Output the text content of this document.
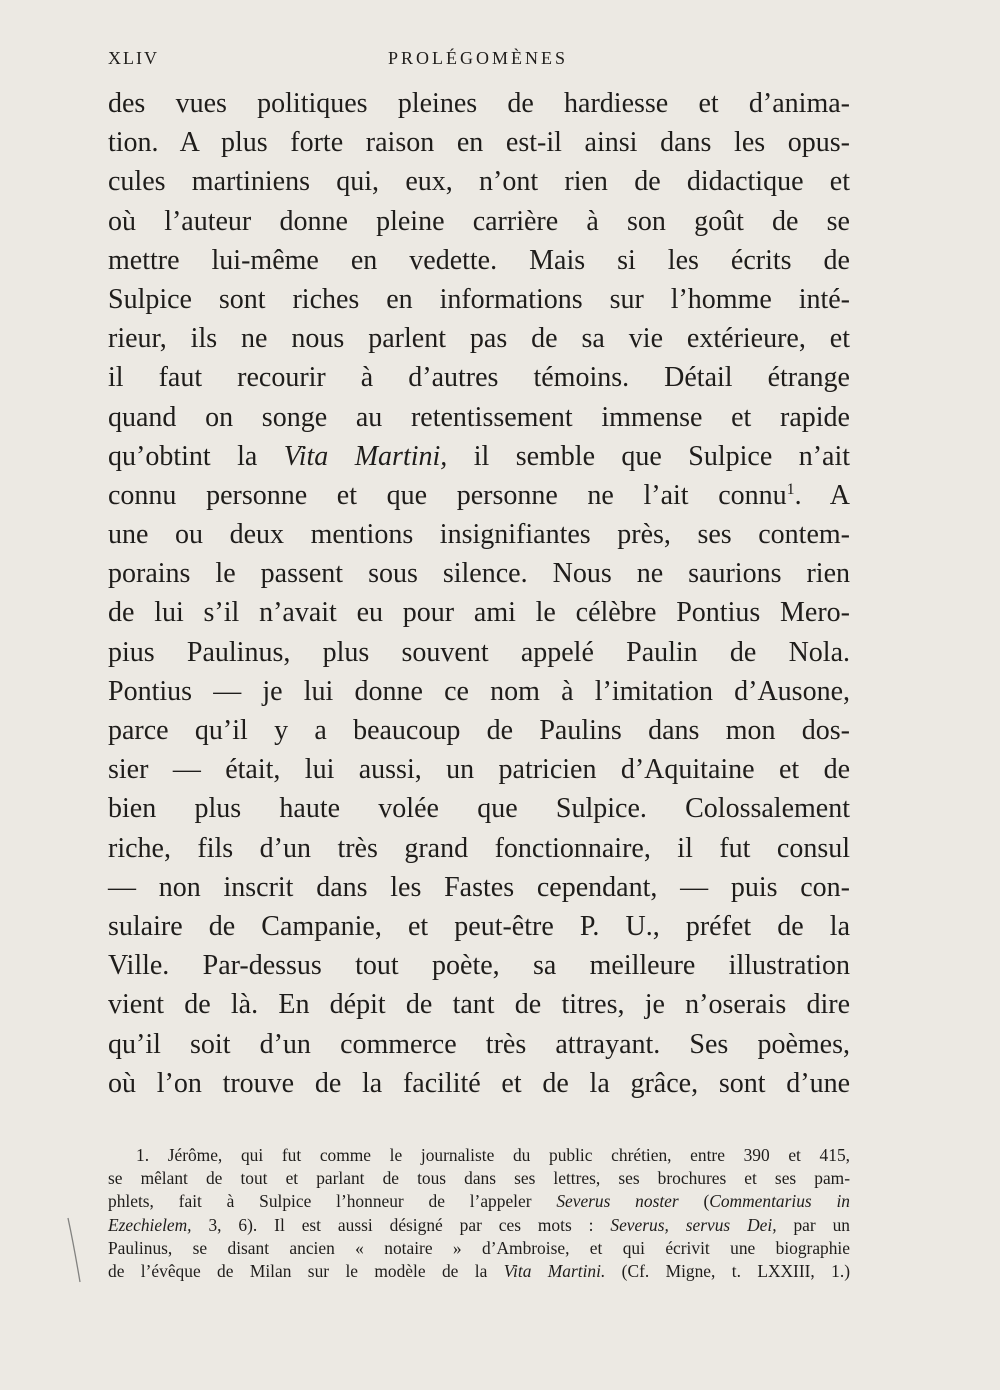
XLIV	PROLÉGOMÈNES
des vues politiques pleines de hardiesse et d’anima-
tion. A plus forte raison en est-il ainsi dans les opus-
cules martiniens qui, eux, n’ont rien de didactique et
où l’auteur donne pleine carrière à son goût de se
mettre lui-même en vedette. Mais si les écrits de
Sulpice sont riches en informations sur l’homme inté-
rieur, ils ne nous parlent pas de sa vie extérieure, et
il faut recourir à d’autres témoins. Détail étrange
quand on songe au retentissement immense et rapide
qu’obtint la Vita Martini, il semble que Sulpice n’ait
connu personne et que personne ne l’ait connu$^1$. A
une ou deux mentions insignifiantes près, ses contem-
porains le passent sous silence. Nous ne saurions rien
de lui s’il n’avait eu pour ami le célèbre Pontius Mero-
pius Paulinus, plus souvent appelé Paulin de Nola.
Pontius — je lui donne ce nom à l’imitation d’Ausone,
parce qu’il y a beaucoup de Paulins dans mon dos-
sier — était, lui aussi, un patricien d’Aquitaine et de
bien plus haute volée que Sulpice. Colossalement
riche, fils d’un très grand fonctionnaire, il fut consul
— non inscrit dans les Fastes cependant, — puis con-
sulaire de Campanie, et peut-être P. U., préfet de la
Ville. Par-dessus tout poète, sa meilleure illustration
vient de là. En dépit de tant de titres, je n’oserais dire
qu’il soit d’un commerce très attrayant. Ses poèmes,
où l’on trouve de la facilité et de la grâce, sont d’une
1. Jérôme, qui fut comme le journaliste du public chrétien, entre 390 et 415,
se mêlant de tout et parlant de tous dans ses lettres, ses brochures et ses pam-
phlets, fait à Sulpice l’honneur de l’appeler Severus noster (Commentarius in
Ezechielem, 3, 6). Il est aussi désigné par ces mots : Severus, servus Dei, par un
Paulinus, se disant ancien « notaire » d’Ambroise, et qui écrivit une biographie
de l’évêque de Milan sur le modèle de la Vita Martini. (Cf. Migne, t. LXXIII, 1.)
